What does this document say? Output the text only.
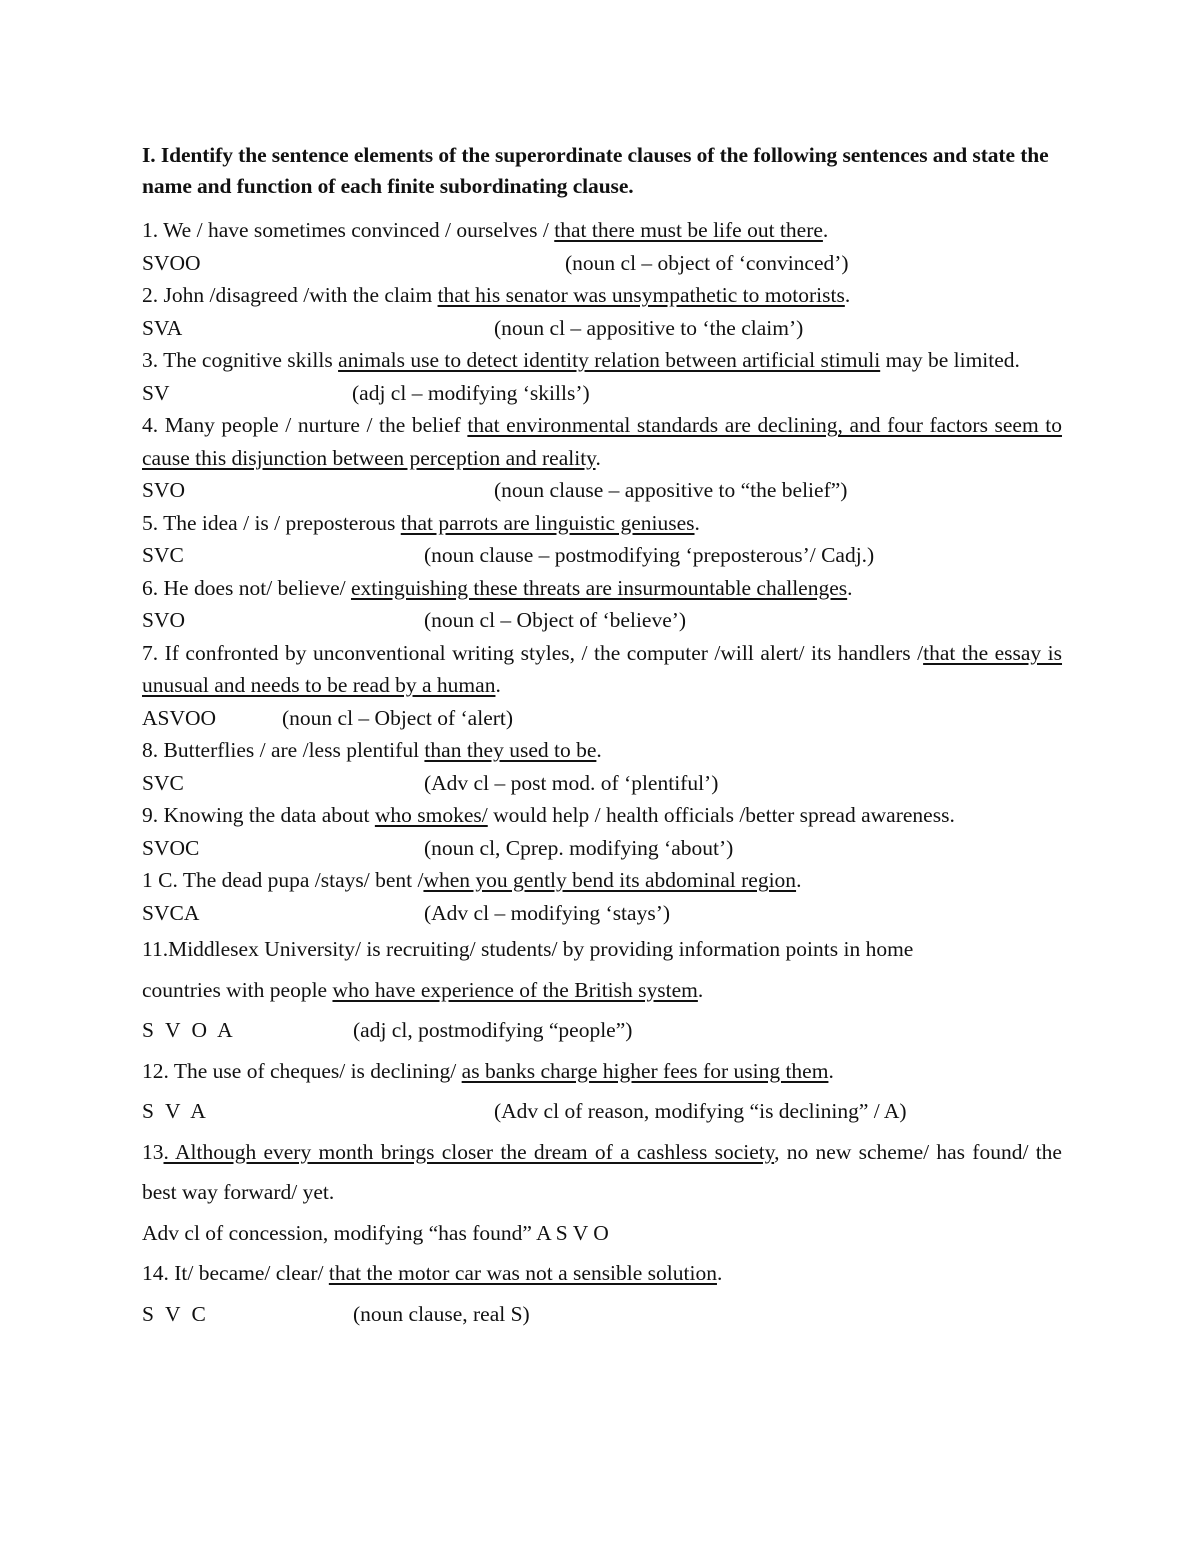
I. Identify the sentence elements of the superordinate clauses of the following sentences and state the name and function of each finite subordinating clause.
1. We / have sometimes convinced / ourselves / that there must be life out there.
SVOO	(noun cl – object of ‘convinced’)
2. John /disagreed /with the claim that his senator was unsympathetic to motorists.
SVA	(noun cl – appositive to ‘the claim’)
3. The cognitive skills animals use to detect identity relation between artificial stimuli may be limited.
SV	(adj cl – modifying ‘skills’)
4. Many people / nurture / the belief that environmental standards are declining, and four factors seem to cause this disjunction between perception and reality.
SVO	(noun clause – appositive to “the belief”)
5. The idea / is / preposterous that parrots are linguistic geniuses.
SVC	(noun clause – postmodifying ‘preposterous’/ Cadj.)
6. He does not/ believe/ extinguishing these threats are insurmountable challenges.
SVO	(noun cl – Object of ‘believe’)
7. If confronted by unconventional writing styles, / the computer /will alert/ its handlers /that the essay is unusual and needs to be read by a human.
ASVOO	(noun cl – Object of ‘alert)
8. Butterflies / are /less plentiful than they used to be.
SVC	(Adv cl – post mod. of ‘plentiful’)
9. Knowing the data about who smokes/ would help / health officials /better spread awareness.
SVOC	(noun cl, Cprep. modifying ‘about’)
1 C. The dead pupa /stays/ bent /when you gently bend its abdominal region.
SVCA	(Adv cl – modifying ‘stays’)
11.Middlesex University/ is recruiting/ students/ by providing information points in home
countries with people who have experience of the British system.
S V O A	(adj cl, postmodifying “people”)
12. The use of cheques/ is declining/ as banks charge higher fees for using them.
S V A	(Adv cl of reason, modifying “is declining” / A)
13. Although every month brings closer the dream of a cashless society, no new scheme/ has found/ the best way forward/ yet.
Adv cl of concession, modifying “has found” A S V O
14. It/ became/ clear/ that the motor car was not a sensible solution.
S V C	(noun clause, real S)
